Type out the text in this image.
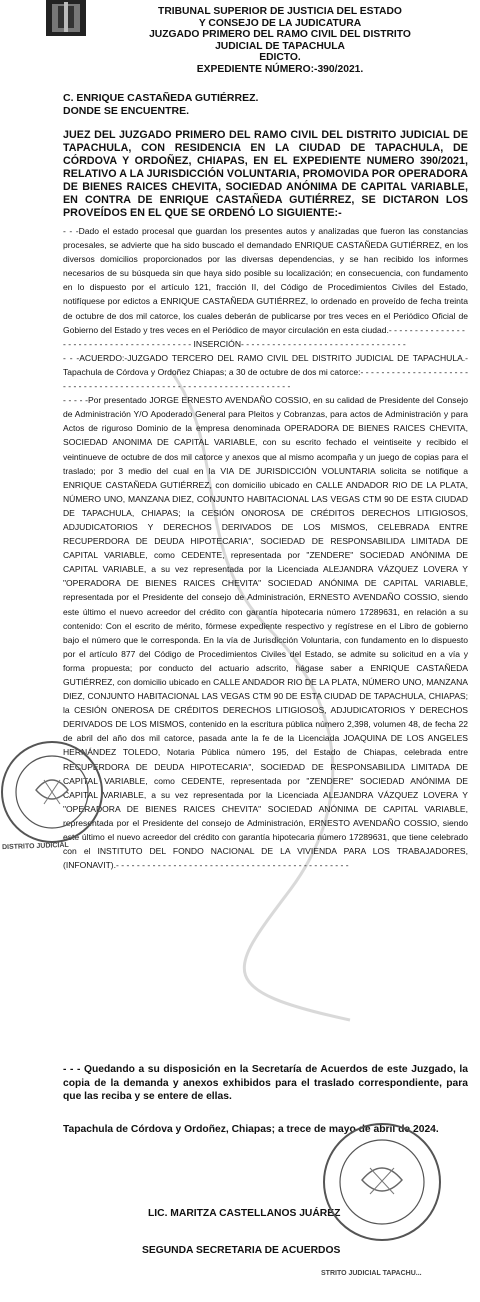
TRIBUNAL SUPERIOR DE JUSTICIA DEL ESTADO
Y CONSEJO DE LA JUDICATURA
JUZGADO PRIMERO DEL RAMO CIVIL DEL DISTRITO
JUDICIAL DE TAPACHULA
EDICTO.
EXPEDIENTE NÚMERO:-390/2021.
C. ENRIQUE CASTAÑEDA GUTIÉRREZ.
DONDE SE ENCUENTRE.
JUEZ DEL JUZGADO PRIMERO DEL RAMO CIVIL DEL DISTRITO JUDICIAL DE TAPACHULA, CON RESIDENCIA EN LA CIUDAD DE TAPACHULA, DE CÓRDOVA Y ORDOÑEZ, CHIAPAS, EN EL EXPEDIENTE NUMERO 390/2021, RELATIVO A LA JURISDICCIÓN VOLUNTARIA, PROMOVIDA POR OPERADORA DE BIENES RAICES CHEVITA, SOCIEDAD ANÓNIMA DE CAPITAL VARIABLE, EN CONTRA DE ENRIQUE CASTAÑEDA GUTIÉRREZ, SE DICTARON LOS PROVEÍDOS EN EL QUE SE ORDENÓ LO SIGUIENTE:-

- - -Dado el estado procesal que guardan los presentes autos y analizadas que fueron las constancias procesales, se advierte que ha sido buscado el demandado ENRIQUE CASTAÑEDA GUTIÉRREZ, en los diversos domicilios proporcionados por las diversas dependencias, y se han recibido los informes necesarios de su búsqueda sin que haya sido posible su localización; en consecuencia, con fundamento en lo dispuesto por el artículo 121, fracción II, del Código de Procedimientos Civiles del Estado, notifíquese por edictos a ENRIQUE CASTAÑEDA GUTIÉRREZ, lo ordenado en proveído de fecha treinta de octubre de dos mil catorce, los cuales deberán de publicarse por tres veces en el Periódico Oficial de Gobierno del Estado y tres veces en el Periódico de mayor circulación en esta ciudad.- - - - - - - - - - - - - - -

- - - - - - - - - - - - - - - - - - - - - - - - - INSERCIÓN- - - - - - - - - - - - - - - - - - - - - - - - - - - - - - - -

- - -ACUERDO:-JUZGADO TERCERO DEL RAMO CIVIL DEL DISTRITO JUDICIAL DE TAPACHULA.- Tapachula de Córdova y Ordoñez Chiapas; a 30 de octubre de dos mi catorce:- - - - - - - - - - - - - - - - - - - - - - - - - - - - - - - - - - - - - - - - - - - - - - - - - - - - - - - - - - - - - - - - -

- - - - -Por presentado JORGE ERNESTO AVENDAÑO COSSIO, en su calidad de Presidente del Consejo de Administración Y/O Apoderado General para Pleitos y Cobranzas, para actos de Administración y para Actos de riguroso Dominio de la empresa denominada OPERADORA DE BIENES RAICES CHEVITA, SOCIEDAD ANONIMA DE CAPITAL VARIABLE, con su escrito fechado el veintiseite y recibido el veintinueve de octubre de dos mil catorce y anexos que al mismo acompaña y un juego de copias para el traslado; por 3 medio del cual en la VIA DE JURISDICCIÓN VOLUNTARIA solicita se notifique a ENRIQUE CASTAÑEDA GUTIÉRREZ, con domicilio ubicado en CALLE ANDADOR RIO DE LA PLATA, NÚMERO UNO, MANZANA DIEZ, CONJUNTO HABITACIONAL LAS VEGAS CTM 90 DE ESTA CIUDAD DE TAPACHULA, CHIAPAS; la CESIÓN ONOROSA DE CRÉDITOS DERECHOS LITIGIOSOS, ADJUDICATORIOS Y DERECHOS DERIVADOS DE LOS MISMOS, CELEBRADA ENTRE RECUPERDORA DE DEUDA HIPOTECARIA", SOCIEDAD DE RESPONSABILIDA LIMITADA DE CAPITAL VARIABLE, como CEDENTE, representada por "ZENDERE" SOCIEDAD ANÓNIMA DE CAPITAL VARIABLE, a su vez representada por la Licenciada ALEJANDRA VÁZQUEZ LOVERA Y "OPERADORA DE BIENES RAICES CHEVITA" SOCIEDAD ANÓNIMA DE CAPITAL VARIABLE, representada por el Presidente del consejo de Administración, ERNESTO AVENDAÑO COSSIO, siendo este último el nuevo acreedor del crédito con garantía hipotecaria número 17289631, en relación a su contenido: Con el escrito de mérito, fórmese expediente respectivo y regístrese en el Libro de gobierno bajo el número que le corresponda. En la vía de Jurisdicción Voluntaria, con fundamento en lo dispuesto por el artículo 877 del Código de Procedimientos Civiles del Estado, se admite su solicitud en a vía y forma propuesta; por conducto del actuario adscrito, hágase saber a ENRIQUE CASTAÑEDA GUTIÉRREZ, con domicilio ubicado en CALLE ANDADOR RIO DE LA PLATA, NÚMERO UNO, MANZANA DIEZ, CONJUNTO HABITACIONAL LAS VEGAS CTM 90 DE ESTA CIUDAD DE TAPACHULA, CHIAPAS; la CESIÓN ONEROSA DE CRÉDITOS DERECHOS LITIGIOSOS, ADJUDICATORIOS Y DERECHOS DERIVADOS DE LOS MISMOS, contenido en la escritura pública número 2,398, volumen 48, de fecha 22 de abril del año dos mil catorce, pasada ante la fe de la Licenciada JOAQUINA DE LOS ANGELES HERNÁNDEZ TOLEDO, Notaria Pública número 195, del Estado de Chiapas, celebrada entre RECUPERDORA DE DEUDA HIPOTECARIA", SOCIEDAD DE RESPONSABILIDA LIMITADA DE CAPITAL VARIABLE, como CEDENTE, representada por "ZENDERE" SOCIEDAD ANÓNIMA DE CAPITAL VARIABLE, a su vez representada por la Licenciada ALEJANDRA VÁZQUEZ LOVERA Y "OPERADORA DE BIENES RAICES CHEVITA" SOCIEDAD ANÓNIMA DE CAPITAL VARIABLE, representada por el Presidente del consejo de Administración, ERNESTO AVENDAÑO COSSIO, siendo este último el nuevo acreedor del crédito con garantía hipotecaria número 17289631, que tiene celebrado con el INSTITUTO DEL FONDO NACIONAL DE LA VIVIENDA PARA LOS TRABAJADORES, (INFONAVIT).- - - - - - - - - - - - - - - - - - - - - - - - - - - - - - - - - - - - - - - - - - - - -

- - - Quedando a su disposición en la Secretaría de Acuerdos de este Juzgado, la copia de la demanda y anexos exhibidos para el traslado correspondiente, para que las reciba y se entere de ellas.
Tapachula de Córdova y Ordoñez, Chiapas; a trece de mayo de abril de 2024.
LIC. MARITZA CASTELLANOS JUÁREZ
SEGUNDA SECRETARIA DE ACUERDOS
DISTRITO JUDICIAL
STRITO JUDICIAL TAPACHU...
